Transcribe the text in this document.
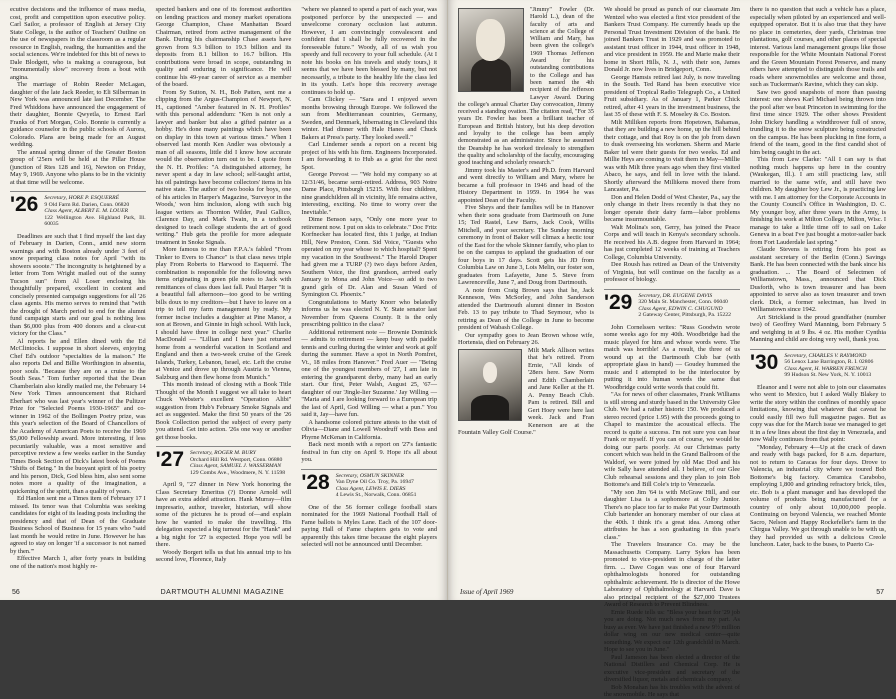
ecutive decisions and the influence of mass media, cost, profit and competition upon executive policy. Carl Sailor, a professor of English at Jersey City State College, is the author of Teachers' Outline on the use of newspapers in the classroom as a regular resource in English, reading, the humanities and the social sciences. We're indebted for this bit of news to Dale Blodgett, who is making a courageous, but "monumentally slow" recovery from a bout with angina.

The marriage of Robin Reeder McLagan, daughter of the late Jack Reeder, to Eli Silberman in New York was announced late last December. The Fred Whiddons have announced the engagement of their daughter, Bonnie Qwyetla, to Ernest Earl Franks of Fort Morgan, Colo. Bonnie is currently a guidance counselor in the public schools of Aurora, Colorado. Plans are being made for an August wedding.

The annual spring dinner of the Greater Boston group of '25ers will be held at the Pillar House (junction of Rtes 128 and 16), Newton on Friday, May 9, 1969. Anyone who plans to be in the vicinity at that time will be welcome.

'26 Secretary, HORE P. ESQUERRÉ
9 Old Farm Rd. Darien, Conn. 06820
Class Agent, ALBERT E. M. LOUER
122 Wellington Ave. Highland Park, Ill. 60035

Deadlines are such that I find myself the last day of February in Darien, Conn., amid new storm warnings and with Boston already under 3 feet of snow preparing class notes for April "with its showers sooote." The incongruity is heightened by a letter from Tom Wright mailed out of the sunny Tucson sun" from Al Loser enclosing his thoughtfully prepared, excellent in content and concisely presented campaign suggestions for all '26 class agents. His memo serves to remind that "with the drought of March period to end for the alumni fund campaign starts and our goal is nothing less than $6,000 plus from 400 donors and a clear-cut victory for the Class."

Al reports he and Ellen dined with the Ed McClintocks. I suppose in short sleeves, enjoying Chef Ed's outdoor "specialties de la maison." He also reports Del and Billie Worthington in absentia, poor souls. 'Because they are on a cruise to the South Seas." Tom further reported that the Dean Chamberlain also kindly mailed me, the February 14 New York Times announcement that Richard Eberhart who was last year's winner of the Pulitzer Prize for "Selected Poems 1930-1965" and co-winner in 1962 of the Bollingen Poetry prize, was this year's selection of the Board of Chancellors of the Academy of American Poets to receive the 1969 $5,000 Fellowship award. More interesting, if less pecuniarily valuable, was a most sensitive and perceptive review a few weeks earlier in the Sunday Times Book Section of Dick's latest book of Poems "Shifts of Being." In the buoyant spirit of his poetry and his person, Dick, God bless him, also sent some notes more a quality of the imagination, a quickening of the spirit, than a quality of years.

Ed Hanlon sent me a Times item of February 17 I missed. Its tenor was that Columbia was seeking candidates for eight of its leading posts including the presidency and that of Dean of the Graduate Business School of Business for 15 years who "said last month he would retire in June. However he has agreed to stay on longer 'if a successor is not named by then.'"

Effective March 1, after forty years in building one of the nation's most highly re-

spected bankers and one of its foremost authorities on lending practices and money market operations George Champion, Chase Manhattan Board Chairman, retired from active management of the Bank. During his chairmanship Chase assets have grown from 9.3 billion to 19.3 billion and its deposits from 8.1 billion to 16.7 billion. His contributions were broad in scope, outstanding in quality and enduring in significance. He will continue his 49-year career of service as a member of the board.

From Sy Sutton, N. H., Bob Patten, sent me a clipping from the Argus-Champion of Newport, N. H., captioned "Amber featured in N. H. Profiles" with this personal addendum: "Ken is not only a lawyer and banker but also a gifted painter as a hobby. He's done many paintings which have been on display in this town at various times." When I observed last month Ken Andler was obviously a man of all seasons, little did I know how accurate would the observation turn out to be. I quote from the N. H. Profiles: "A distinguished attorney, he never spent a day in law school; self-taught artist, his oil paintings have become collectors' items in his native state. The author of two books for boys, one of his articles in Harper's Magazine, 'Surveyor in the Woods,' won him inclusion, along with such big league writers as Thornton Wilder, Paul Gallico, Clarence Day, and Mark Twain, in a textbook designed to teach college students the art of good writing." Hub gets the profile for more adequate treatment in Snoke Signals.

More famous to me than F.P.A.'s fabled "From Tinker to Evers to Chance" is that class news triple play From Roberts to Harwood to Esquerré. The combination is responsible for the following news items originating in green pile notes to Jack with remittances of class dues last fall. Paul Harper "It is a beautiful fall afternoon—too good to be writing bills doux to my creditors—but I have to leave on a trip to tell my farm management by ready. My former incise includes a daughter at Pine Manor, a son at Brown, and Ginnie in high school. With luck, I should have three in college next year." Charlie MacDonald — "Lillian and I have just returned home from a wonderful vacation in Scotland and England and then a two-week cruise of the Greek Islands, Turkey, Lebanon, Israel, etc. Left the cruise at Venice and drove up through Austria to Vienna, Salzburg and then flew home from Munich."

This month instead of closing with a Book Title Thought of the Month I suggest we all take to heart Chuck Webster's excellent "Operation Alibi" suggestion from Hub's February Smoke Signals and act as suggested. Make the first 50 years of the '26 Book Collection period the subject of every party you attend. Get into action. '26s one way or another get those books.

'27 Secretary, ROGER M. BURY
Orchard Hill Rd. Westport, Conn. 06880
Class Agent, SAMUEL J. WASSERMAN
129 Combs Ave., Woodmere, N. Y. 11598

April 9, "27 dinner in New York honoring the Class Secretary Emeritus (?) Donne Arnold will have an extra added attraction. Hank Murray—film impresario, author, traveler, historian, will show some of the pictures he is proud of—and explain how he wanted to make the travelling. His delegation expected a big turnout for the "Hank" and a big night for '27 is expected. Hope you will be there.

Woody Borgert tells us that his annual trip to his second love, Florence, Italy

"where we planned to spend a part of each year, was postponed perforce by the unexpected — and unwelcome coronary occlusion last autumn. However, I am convincingly convalescent and confident that I shall be fully recovered in the foreseeable future." Woody, all of us wish you speedy and full recovery to your full schedule. (At I note his books on his travels and study tours,) it seems that we have been blessed by many, but not necessarily, a tribute to the healthy life the class led in its youth. Let's hope this recovery average continues to hold up.

Cam Clickey — "Sara and I enjoyed seven months browsing through Europe. We followed the sun from Mediterranean countries, Germany, Sweden, and Denmark, hibernating in Cleveland this winter. Had dinner with Hale Hanes and Chuck Bakers at Press's party. They looked swell."

Carl Lindemer sends a report on a recent big project of his with his firm. Engineers Incorporated. I am forwarding it to Hub as a grist for the next Spot.

George Prevost — "We hold my company so at 12/31/46, became semi-retired. Address, 903 Notre Dame Place, Pittsburgh 15215. With four children, nine grandchildren all in vicinity, life remains active, interesting, exciting. No time to worry over the Inevitable."

Dime Benson says, "Only one more year to retirement now. I put on skis to celebrate." Doc Fritz Korfnecker has located first, this 1 judge, at Indian Hill, New Preston, Conn. Sid Voice, "Guests who operated on my year whose to which hospital? Spent my vacation in the Southwest." The Harold Draper had given me a TURP (?) two days before Arden, Southern Voice, the first grandson, arrived early January to Mona and John Voice—so add to two grand girls of Dr. Alan and Susan Ward of Symington Ct. Phoenix."

Congratulations to Marty Knorr who belatedly informs us he was elected N. Y. State senator last November from Queens County. It is the only prescribing politico in the class?

Additional retirement note — Brownie Dominick — admits to retirement — keep busy with paddle tennis and curling during the winter and work at golf during the summer. Have a spot in North Pomfret, Vt., 18 miles from Hanover." Fred Auer — "Being one of the youngest members of '27, I am late in entering the grandparent derby, many had an early start. Our first, Peter Walsh, August 25, '67—daughter of our 'Jingle-lier Suzanne.' Jay Willing — "Maria and I are looking forward to a European trip the last of April, God Willing — what a pun." You said it, Jay—have fun.

A handsome colored picture attests to the visit of Olivia—Diane and Lowell Woodruff with Bess and Phyrne McKenan in California.

Back next month with a report on '27's fantastic festival in fun city on April 9. Hope it's all about you.

'28 Secretary, OSMUN SKINNER
Van Dyne Oil Co. Troy, Pa. 16947
Class Agent, LEWIS E. DIERS
4 Lewis St., Norwalk, Conn. 06851

One of the 56 former college football stars nominated for the 1969 National Football Hall of Fame ballots is Myles Lane. Each of the 107 door-paying Hall of Fame chapters gets to vote and apparently this takes time because the eight players selected will not be announced until December.

56	DARTMOUTH ALUMNI MAGAZINE

"Jimmy" Fowler (Dr. Harold L.), dean of the faculty of arts and science at the College of William and Mary, has been given the college's 1969 Thomas Jefferson Award for his outstanding contributions to the College and has been named the 4th recipient of the Jefferson Lawyer Award. During the college's annual Charter Day convocation, Jimmy received a standing ovation. The citation read, "For 35 years Dr. Fowler has been a brilliant teacher of European and British history, but his deep devotion and loyalty to the college has been amply demonstrated as an administrator. Since he assumed the Deanship he has worked tirelessly to strengthen the quality and scholarship of the faculty, encouraging good teaching and scholarly research."

Jimmy took his Master's and Ph.D. from Harvard and went directly to William and Mary, where he became a full professor in 1946 and head of the History Department in 1959. In 1964 he was appointed Dean of the Faculty.

Five Sheys and their families will be in Hanover when their sons graduate from Dartmouth on June 15; Ted Rastel, Lew Barrs, Jack Cook, Willis Mitchell, and your secretary. The Sunday morning ceremony in front of Baker will climax a hectic tour of the East for the whole Skinner family, who plan to be on the campus to applaud the graduation of our four boys in 17 days. Scott gets his JD from Columbia Law on June 3, Lois Melin, our foster son, graduates from Lafayette, June 5. Steve from Lawrenceville, June 7, and Doug from Dartmouth.

A note from Craig Brown says that he, Jack Kenneson, Wes McSorley, and John Sanderson attended the Dartmouth alumni dinner in Boston Feb. 13 to pay tribute to Thad Seymour, who is retiring as Dean of the College in June to become president of Wabash College.

Our sympathy goes to Jean Brown whose wife, Hortensia, died on February 26.

Milt Mark Allison writes that he's retired. From Ernie, "All kinds of '28ers here. Saw Norm and Edith Chamberlain and Jane Keller at the H. A. Penny Beach Club. Pam is retired. Bill and Gert Hoey were here last week. Jack and Fran Kenerson are at the Fountain Valley Golf Course."

We should be proud as punch of our classmate Jim Wentzel who was elected a first vice president of the Bankers Trust Company. He currently heads up the Personal Trust Investment Division of the bank. He joined Bankers Trust in 1929 and was promoted to assistant trust officer in 1944, trust officer in 1948, and vice president in 1959. He and Marie make their home in Short Hills, N. J., with their son, James Donald Jr. now lives in Bridgeport, Conn.

George Hamsis retired last July, is now traveling in the South. Ted Rand has been executive vice president of Tropical Radio Telegraph Co., a United Fruit subsidiary. As of January 1, Parker Chick retired, after 41 years in the investment business, the last 35 of these with F. S. Moseley & Co. Boston.

Milt Milliken reports from Hopetown, Bahamas, that they are building a new home, up the hill behind their cottage, and that Roy is on the job from dawn to dusk overseeing his workmen. Sherm and Marie Baker tel were their guests for two weeks. Ed and Millie Heys are coming to visit them in May—Millie was with Milt three years ago when they first visited Abaco, he says, and fell in love with the island. Shortly afterward the Millikens moved there from Lancaster, Pa.

Don and Helen Dodd of West Chester, Pa., say the only change in their lives recently is that they no longer operate their dairy farm—labor problems became insurmountable.

Walt Molina's son, Gerry, has joined the Peace Corps and will teach in Kenya's secondary schools. He received his A.B. degree from Harvard in 1964; has just completed 12 weeks of training at Teachers College, Columbia University.

Dee Roush has retired as Dean of the University of Virginia, but will continue on the faculty as a professor of biology.

'29 Secretary, DR. EUGENE DAVIS
320 Main St. Manchester, Conn. 06040
Class Agent, EDWIN C. CHUGUND
2 Gateway Center, Pittsburgh, Pa. 15222

John Cornelssen writes: "Russ Goodwin wrote some weeks ago for my 40th. Woodbridge had the music played for him and whose words were. The match was horrible! As a result, the three of us wound up at the Dartmouth Club bar (with appropriate glass in hand) — Goudey hummed the music and I attempted to be the interlocutor by putting it into human words the same that Woodbridge could write words that could fit.

"As for news of other classmates, Frank Williams is still strong and sturdy based in the University Glee Club. We had a rather historic 150. We produced a stereo record (price 1.95) with the proceeds going to Chapel to maximize the acoustical effects. The record is quite a success. I'm not sure you can hear Frank or myself. If you can of course, we would be doing our parts poorly. At our Christmas party concert which was held in the Grand Ballroom of the Waldorf, we were joined by old Mac Dod and his wife Sally have attended all. I believe, of our Glee Club rehearsal sessions and they plan to join Bob Bottome's and Bill Cole's trip to Venezuela.

"My son Jim '64 is with McGraw Hill, and our daughter Lisa is a sophomore at Colby Junior. There's no place too far to make Pat your Dartmouth Club bartender an honorary member of our class at the 40th. I think it's a great idea. Among other attributes he has a son graduating in this year's class."

The Travelers Insurance Co. may be the Massachusetts Company. Larry Sykes has been promoted to vice-president in charge of the latter firm. ... Dave Cogan was one of four Harvard ophthalmologists honored for outstanding ophthalmic achievement. He is director of the Howe Laboratory of Ophthalmology at Harvard. Dave is also principal recipient of the $27,000 Trustees Award of Research to Prevent Blindness.

Ernie Ruede tells us: "Bless your heart for '29 job you are doing. Not much news from my part. As busy as ever. We have just finished a new 9½ million dollar wing on our new medical center—quite something. We expect our 12th grandchild in March. Hope to see you in June."

Paul Jameson has been elected a director of the National Distillers and Chemical Corp. He is executive vice-president and secretary of the diversified liquor, metals and chemicals company.

Bob Monahan has his troubles with the advent of the snowmobile. He says that

there is no question that such a vehicle has a place, especially when piloted by an experienced and well-equipped operator. But it is also true that they have no place in cemeteries, deer yards, Christmas tree plantations, golf courses, and other places of special interest. Various land management groups like those responsible for the White Mountain National Forest and the Green Mountain Forest Preserve, and many others have attempted to distinguish those trails and roads where snowmobiles are welcome and those, such as Tuckerman's Ravine, which they can skip.

Saw two good snapshots of more than passing interest: one shows Karl Michael being thrown into the pool after we beat Princeton in swimming for the first time since 1929. The other shows President John Dickey handling a windthrower full of snow, trundling it to the snow sculpture being constructed on the campus. He has been plucking in fine form, a friend of the team, good in the first candid shot of him being caught in the act.

This from Lew Clarke: "All I can say is that nothing much happens up here in the country (Waukegan, Ill.). I am still practicing law, still married to the same wife, and still have two children. My daughter boy Lew Jr., is practicing law with me. I am attorney for the Corporate Accounts in the County Council's Office in Washington, D. C. My younger boy, after three years in the Army, is finishing his work at Milton College, Milton, Wisc. I manage to take a little time off to sail on Lake Geneva in a boat I've just bought a motor-sailer back from Fort Lauderdale last spring."

Claude Stevens is retiring from his post as assistant secretary of the Berlin (Conn.) Savings Bank. He has been connected with the bank since his graduation. ... The Board of Selectmen of Williamstown, Mass., announced that Dick Dusforth, who is town treasurer and has been appointed to serve also as town treasurer and town clerk. Dick, a former selectman, has lived in Williamstown since 1942.

Art Strickland is the proud grandfather (number two) of Geoffrey Ward Manning, born February 5 and weighing in at 9 lbs. 4 oz. His mother Cynthia Manning and child are doing very well, thank you.

'30 Secretary, CHARLES V. RAYMOND
56 Lenox Lane Barrington, R. I. 02806
Class Agent, H. WARREN FRENCH
99 Hudson St. New York, N. Y. 10013

Eleanor and I were not able to join our classmates who went to Mexico, but I asked Wally Blakey to write the story within the confines of monthly space limitations, knowing that whatever that caveat he could easily fill two full magazine pages. But as copy was due for the March issue we managed to get it in a few lines about the first day in Venezuela, and now Wally continues from that point:

"Monday, February 4—Up at the crack of dawn and ready with bags packed, for 8 a.m. departure, not to return to Caracas for four days. Drove to Valencia, an industrial city where we toured Bob Bottome's big factory. Ceramica Carabobo, employing 1,800 and grinding refractory brick, tiles, etc. Bob is a plant manager and has developed the volume of products being manufactured for a country of only about 10,000,000 people. Continuing on beyond Valencia, we reached Monte Sacro, Nelson and Happy Rockefeller's farm in the Chirgua Valley. We got through unable to be with us, they had provided us with a delicious Creole luncheon. Later, back to the buses, to Puerto Ca-

Issue of April 1969	57
